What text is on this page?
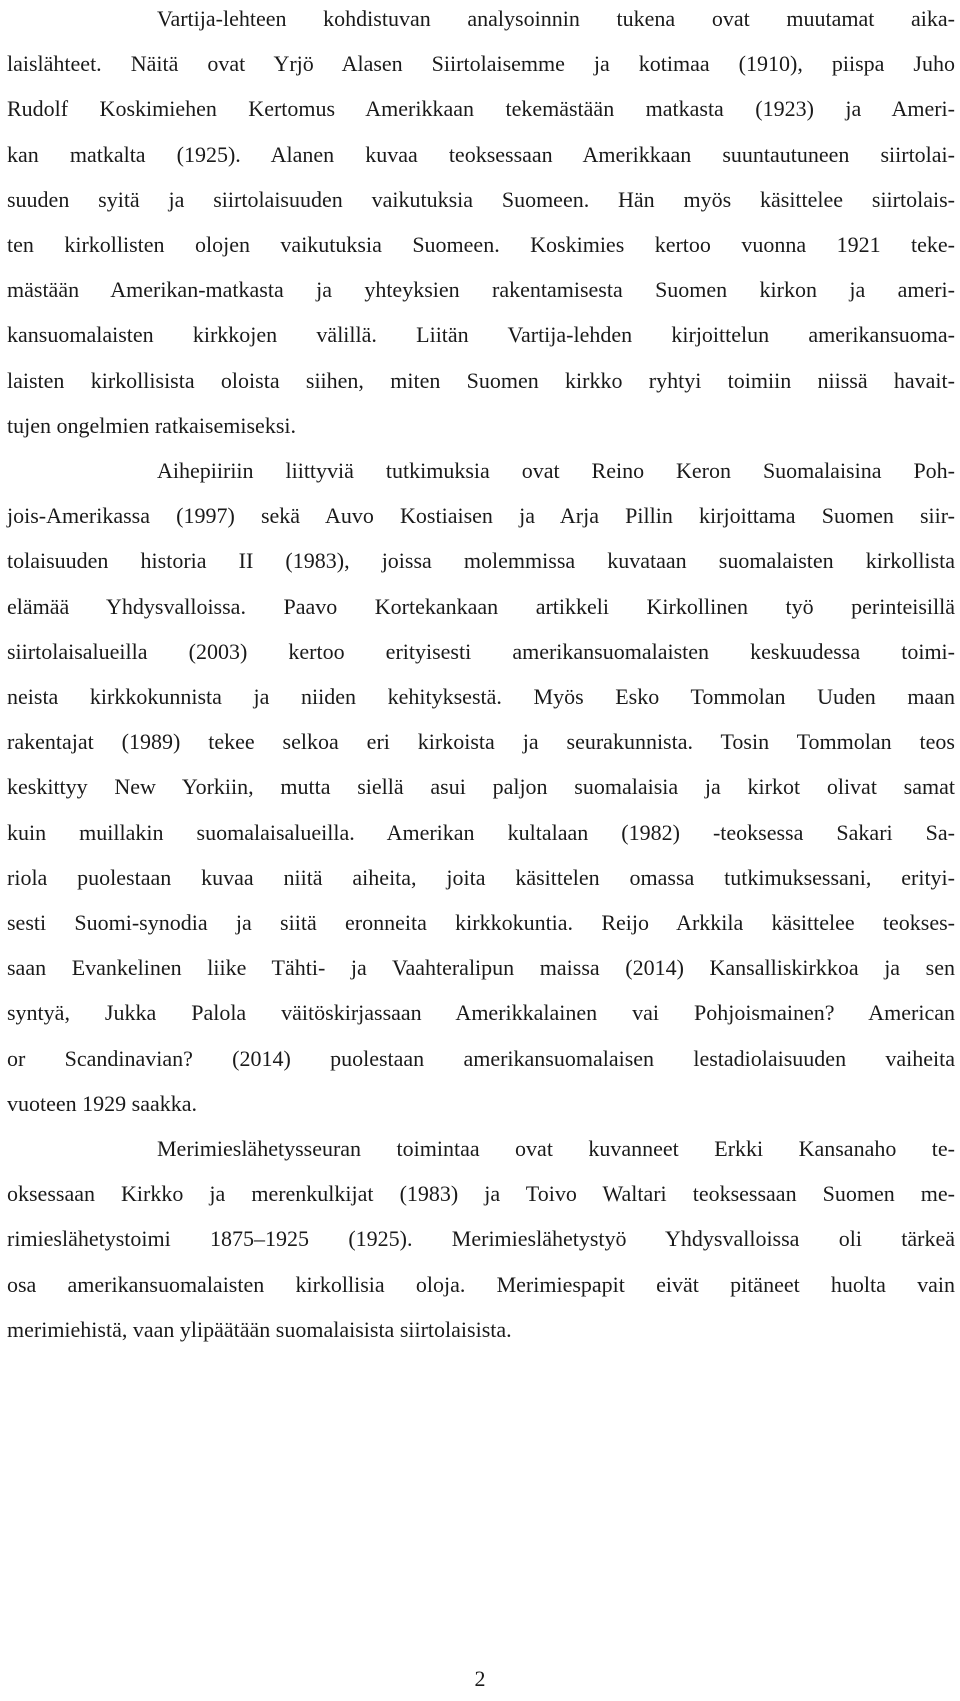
Vartija-lehteen kohdistuvan analysoinnin tukena ovat muutamat aika-
laislähteet. Näitä ovat Yrjö Alasen Siirtolaisemme ja kotimaa (1910), piispa Juho
Rudolf Koskimiehen Kertomus Amerikkaan tekemästään matkasta (1923) ja Ameri-
kan matkalta (1925). Alanen kuvaa teoksessaan Amerikkaan suuntautuneen siirtolai-
suuden syitä ja siirtolaisuuden vaikutuksia Suomeen. Hän myös käsittelee siirtolais-
ten kirkollisten olojen vaikutuksia Suomeen. Koskimies kertoo vuonna 1921 teke-
mästään Amerikan-matkasta ja yhteyksien rakentamisesta Suomen kirkon ja ameri-
kansuomalaisten kirkkojen välillä. Liitän Vartija-lehden kirjoittelun amerikansuoma-
laisten kirkollisista oloista siihen, miten Suomen kirkko ryhtyi toimiin niissä havait-
tujen ongelmien ratkaisemiseksi.

Aihepiiriin liittyviä tutkimuksia ovat Reino Keron Suomalaisina Poh-
jois-Amerikassa (1997) sekä Auvo Kostiaisen ja Arja Pillin kirjoittama Suomen siir-
tolaisuuden historia II (1983), joissa molemmissa kuvataan suomalaisten kirkollista
elämää Yhdysvalloissa. Paavo Kortekankaan artikkeli Kirkollinen työ perinteisillä
siirtolaisalueilla (2003) kertoo erityisesti amerikansuomalaisten keskuudessa toimi-
neista kirkkokunnista ja niiden kehityksestä. Myös Esko Tommolan Uuden maan
rakentajat (1989) tekee selkoa eri kirkoista ja seurakunnista. Tosin Tommolan teos
keskittyy New Yorkiin, mutta siellä asui paljon suomalaisia ja kirkot olivat samat
kuin muillakin suomalaisalueilla. Amerikan kultalaan (1982) -teoksessa Sakari Sa-
riola puolestaan kuvaa niitä aiheita, joita käsittelen omassa tutkimuksessani, erityi-
sesti Suomi-synodia ja siitä eronneita kirkkokuntia. Reijo Arkkila käsittelee teokses-
saan Evankelinen liike Tähti- ja Vaahteralipun maissa (2014) Kansalliskirkkoa ja sen
syntyä, Jukka Palola väitöskirjassaan Amerikkalainen vai Pohjoismainen? American
or Scandinavian? (2014) puolestaan amerikansuomalaisen lestadiolaisuuden vaiheita
vuoteen 1929 saakka.

Merimieslähetysseuran toimintaa ovat kuvanneet Erkki Kansanaho te-
oksessaan Kirkko ja merenkulkijat (1983) ja Toivo Waltari teoksessaan Suomen me-
rimieslähetystoimi 1875–1925 (1925). Merimieslähetystyö Yhdysvalloissa oli tärkeä
osa amerikansuomalaisten kirkollisia oloja. Merimiespapit eivät pitäneet huolta vain
merimiehistä, vaan ylipäätään suomalaisista siirtolaisista.

2
